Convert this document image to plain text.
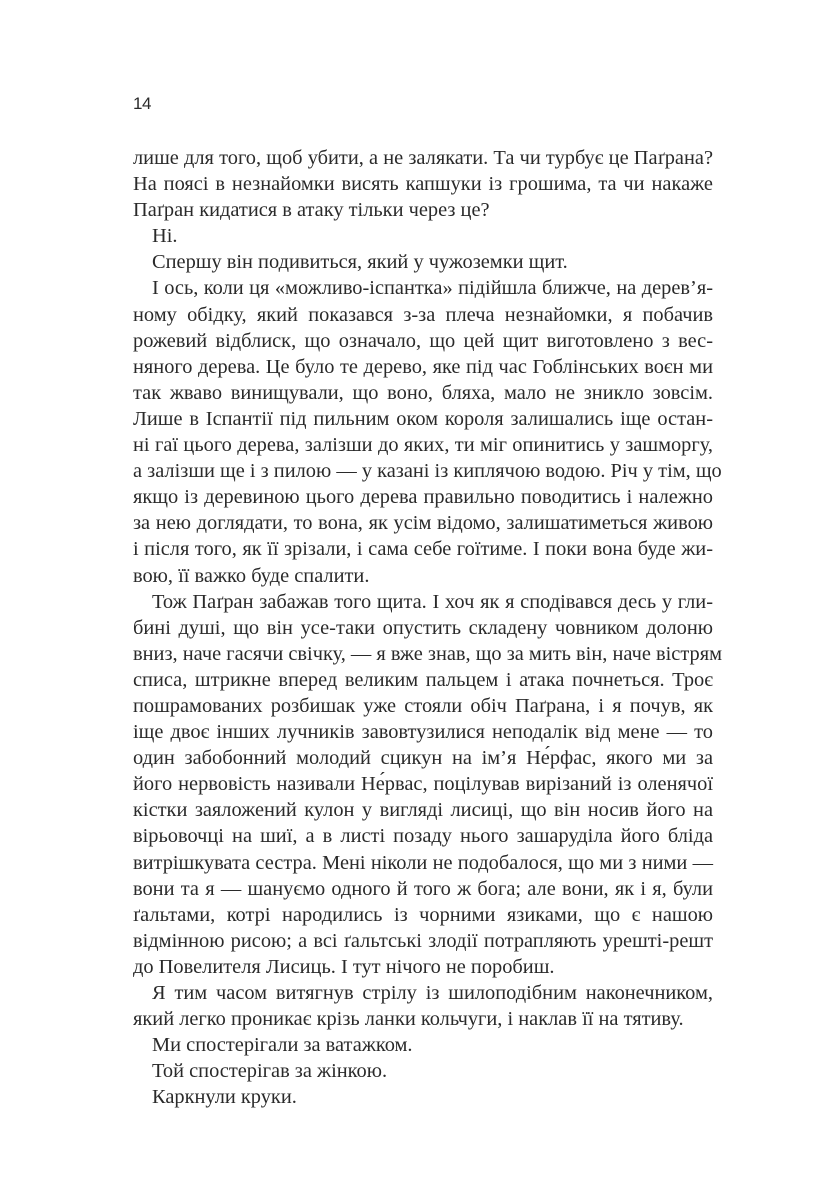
14
лише для того, щоб убити, а не залякати. Та чи турбує це Паґрана?
На поясі в незнайомки висять капшуки із грошима, та чи накаже
Паґран кидатися в атаку тільки через це?
Ні.
Спершу він подивиться, який у чужоземки щит.
І ось, коли ця «можливо-іспантка» підійшла ближче, на дерев’я-
ному обідку, який показався з-за плеча незнайомки, я побачив
рожевий відблиск, що означало, що цей щит виготовлено з вес-
няного дерева. Це було те дерево, яке під час Гоблінських воєн ми
так жваво винищували, що воно, бляха, мало не зникло зовсім.
Лише в Іспантії під пильним оком короля залишались іще остан-
ні гаї цього дерева, залізши до яких, ти міг опинитись у зашморгу,
а залізши ще і з пилою — у казані із киплячою водою. Річ у тім, що
якщо із деревиною цього дерева правильно поводитись і належно
за нею доглядати, то вона, як усім відомо, залишатиметься живою
і після того, як її зрізали, і сама себе гоїтиме. І поки вона буде жи-
вою, її важко буде спалити.
Тож Паґран забажав того щита. І хоч як я сподівався десь у гли-
бині душі, що він усе-таки опустить складену човником долоню
вниз, наче гасячи свічку, — я вже знав, що за мить він, наче вістрям
списа, штрикне вперед великим пальцем і атака почнеться. Троє
пошрамованих розбишак уже стояли обіч Паґрана, і я почув, як
іще двоє інших лучників завовтузилися неподалік від мене — то
один забобонний молодий сцикун на ім’я Не́рфас, якого ми за
його нервовість називали Не́рвас, поцілував вирізаний із оленячої
кістки заяложений кулон у вигляді лисиці, що він носив його на
вірьовочці на шиї, а в листі позаду нього зашаруділа його бліда
витрішкувата сестра. Мені ніколи не подобалося, що ми з ними —
вони та я — шануємо одного й того ж бога; але вони, як і я, були
ґальтами, котрі народились із чорними язиками, що є нашою
відмінною рисою; а всі ґальтські злодії потрапляють урешті-решт
до Повелителя Лисиць. І тут нічого не поробиш.
Я тим часом витягнув стрілу із шилоподібним наконечником,
який легко проникає крізь ланки кольчуги, і наклав її на тятиву.
Ми спостерігали за ватажком.
Той спостерігав за жінкою.
Каркнули круки.
